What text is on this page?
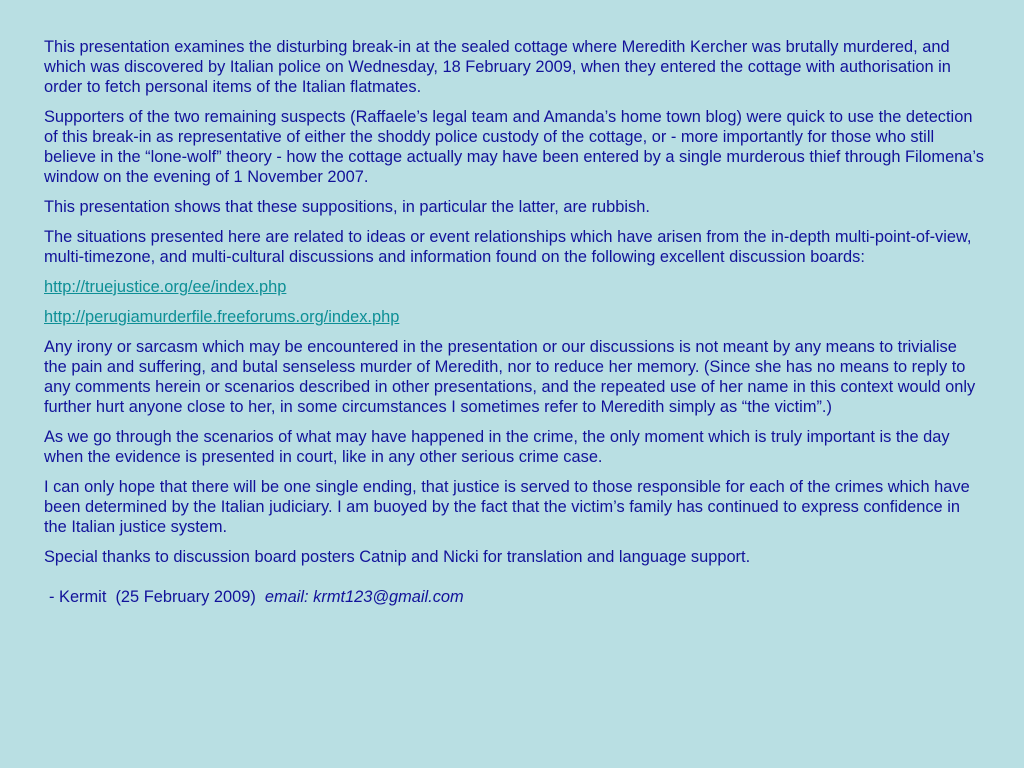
This presentation examines the disturbing break-in at the sealed cottage where Meredith Kercher was brutally murdered, and which was discovered by Italian police on Wednesday, 18 February 2009, when they entered the cottage with authorisation in order to fetch personal items of the Italian flatmates.

Supporters of the two remaining suspects (Raffaele’s legal team and Amanda’s home town blog) were quick to use the detection of this break-in as representative of either the shoddy police custody of the cottage, or - more importantly for those who still believe in the “lone-wolf” theory - how the cottage actually may have been entered by a single murderous thief through Filomena’s window on the evening of 1 November 2007.

This presentation shows that these suppositions, in particular the latter, are rubbish.

The situations presented here are related to ideas or event relationships which have arisen from the in-depth multi-point-of-view, multi-timezone, and multi-cultural discussions and information found on the following excellent discussion boards:

http://truejustice.org/ee/index.php

http://perugiamurderfile.freeforums.org/index.php

Any irony or sarcasm which may be encountered in the presentation or our discussions is not meant by any means to trivialise the pain and suffering, and butal senseless murder of Meredith, nor to reduce her memory. (Since she has no means to reply to any comments herein or scenarios described in other presentations, and the repeated use of her name in this context would only further hurt anyone close to her, in some circumstances I sometimes refer to Meredith simply as “the victim”.)

As we go through the scenarios of what may have happened in the crime, the only moment which is truly important is the day when the evidence is presented in court, like in any other serious crime case.

I can only hope that there will be one single ending, that justice is served to those responsible for each of the crimes which have been determined by the Italian judiciary. I am buoyed by the fact that the victim’s family has continued to express confidence in the Italian justice system.

Special thanks to discussion board posters Catnip and Nicki for translation and language support.

- Kermit  (25 February 2009)  email: krmt123@gmail.com
